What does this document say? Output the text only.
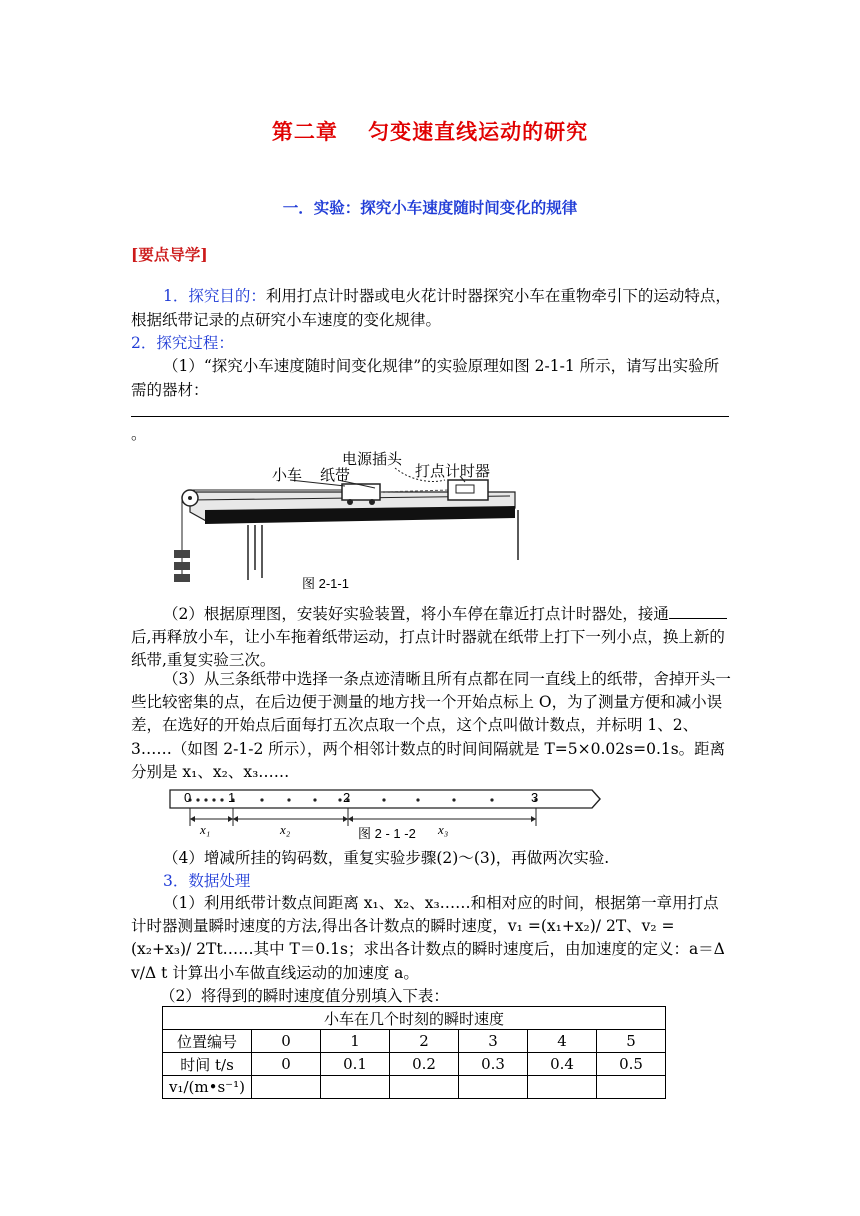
第二章　 匀变速直线运动的研究
一．实验：探究小车速度随时间变化的规律
[要点导学]
1．探究目的：利用打点计时器或电火花计时器探究小车在重物牵引下的运动特点，根据纸带记录的点研究小车速度的变化规律。
2．探究过程：
（1）“探究小车速度随时间变化规律”的实验原理如图 2-1-1 所示，请写出实验所需的器材：
。
小车 纸带
电源插头
打点计时器
图 2-1-1
（2）根据原理图，安装好实验装置，将小车停在靠近打点计时器处，接通后,再释放小车，让小车拖着纸带运动，打点计时器就在纸带上打下一列小点，换上新的纸带,重复实验三次。
（3）从三条纸带中选择一条点迹清晰且所有点都在同一直线上的纸带，舍掉开头一些比较密集的点，在后边便于测量的地方找一个开始点标上 O，为了测量方便和减小误差，在选好的开始点后面每打五次点取一个点，这个点叫做计数点，并标明 1、2、3……（如图 2-1-2 所示），两个相邻计数点的时间间隔就是 T=5×0.02s=0.1s。距离分别是 x₁、x₂、x₃……
0	1	2	3
x₁	x₂	x₃
图 2 - 1 -2
（4）增减所挂的钩码数，重复实验步骤(2)～(3)，再做两次实验.
3．数据处理
（1）利用纸带计数点间距离 x₁、x₂、x₃……和相对应的时间，根据第一章用打点计时器测量瞬时速度的方法,得出各计数点的瞬时速度，v₁ =(x₁+x₂)/ 2T、v₂ =(x₂+x₃)/ 2Tt……其中 T＝0.1s；求出各计数点的瞬时速度后，由加速度的定义：a＝Δ v/Δ t 计算出小车做直线运动的加速度 a。
（2）将得到的瞬时速度值分别填入下表：
小车在几个时刻的瞬时速度						
位置编号	0	1	2	3	4	5
时间 t/s	0	0.1	0.2	0.3	0.4	0.5
v₁/(m•s⁻¹)						
